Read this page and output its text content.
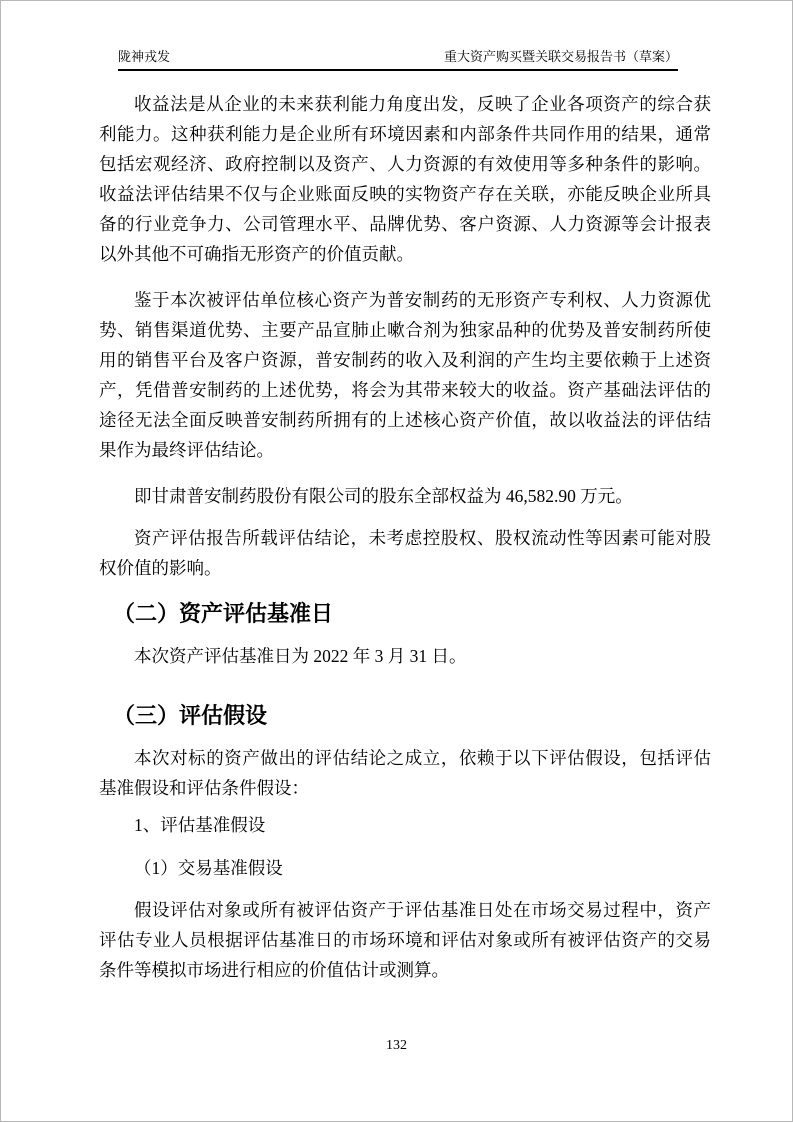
陇神戎发	重大资产购买暨关联交易报告书（草案）

收益法是从企业的未来获利能力角度出发，反映了企业各项资产的综合获利能力。这种获利能力是企业所有环境因素和内部条件共同作用的结果，通常包括宏观经济、政府控制以及资产、人力资源的有效使用等多种条件的影响。收益法评估结果不仅与企业账面反映的实物资产存在关联，亦能反映企业所具备的行业竞争力、公司管理水平、品牌优势、客户资源、人力资源等会计报表以外其他不可确指无形资产的价值贡献。

鉴于本次被评估单位核心资产为普安制药的无形资产专利权、人力资源优势、销售渠道优势、主要产品宣肺止嗽合剂为独家品种的优势及普安制药所使用的销售平台及客户资源，普安制药的收入及利润的产生均主要依赖于上述资产，凭借普安制药的上述优势，将会为其带来较大的收益。资产基础法评估的途径无法全面反映普安制药所拥有的上述核心资产价值，故以收益法的评估结果作为最终评估结论。

即甘肃普安制药股份有限公司的股东全部权益为 46,582.90 万元。

资产评估报告所载评估结论，未考虑控股权、股权流动性等因素可能对股权价值的影响。

（二）资产评估基准日

本次资产评估基准日为 2022 年 3 月 31 日。

（三）评估假设

本次对标的资产做出的评估结论之成立，依赖于以下评估假设，包括评估基准假设和评估条件假设：

1、评估基准假设

（1）交易基准假设

假设评估对象或所有被评估资产于评估基准日处在市场交易过程中，资产评估专业人员根据评估基准日的市场环境和评估对象或所有被评估资产的交易条件等模拟市场进行相应的价值估计或测算。

132
